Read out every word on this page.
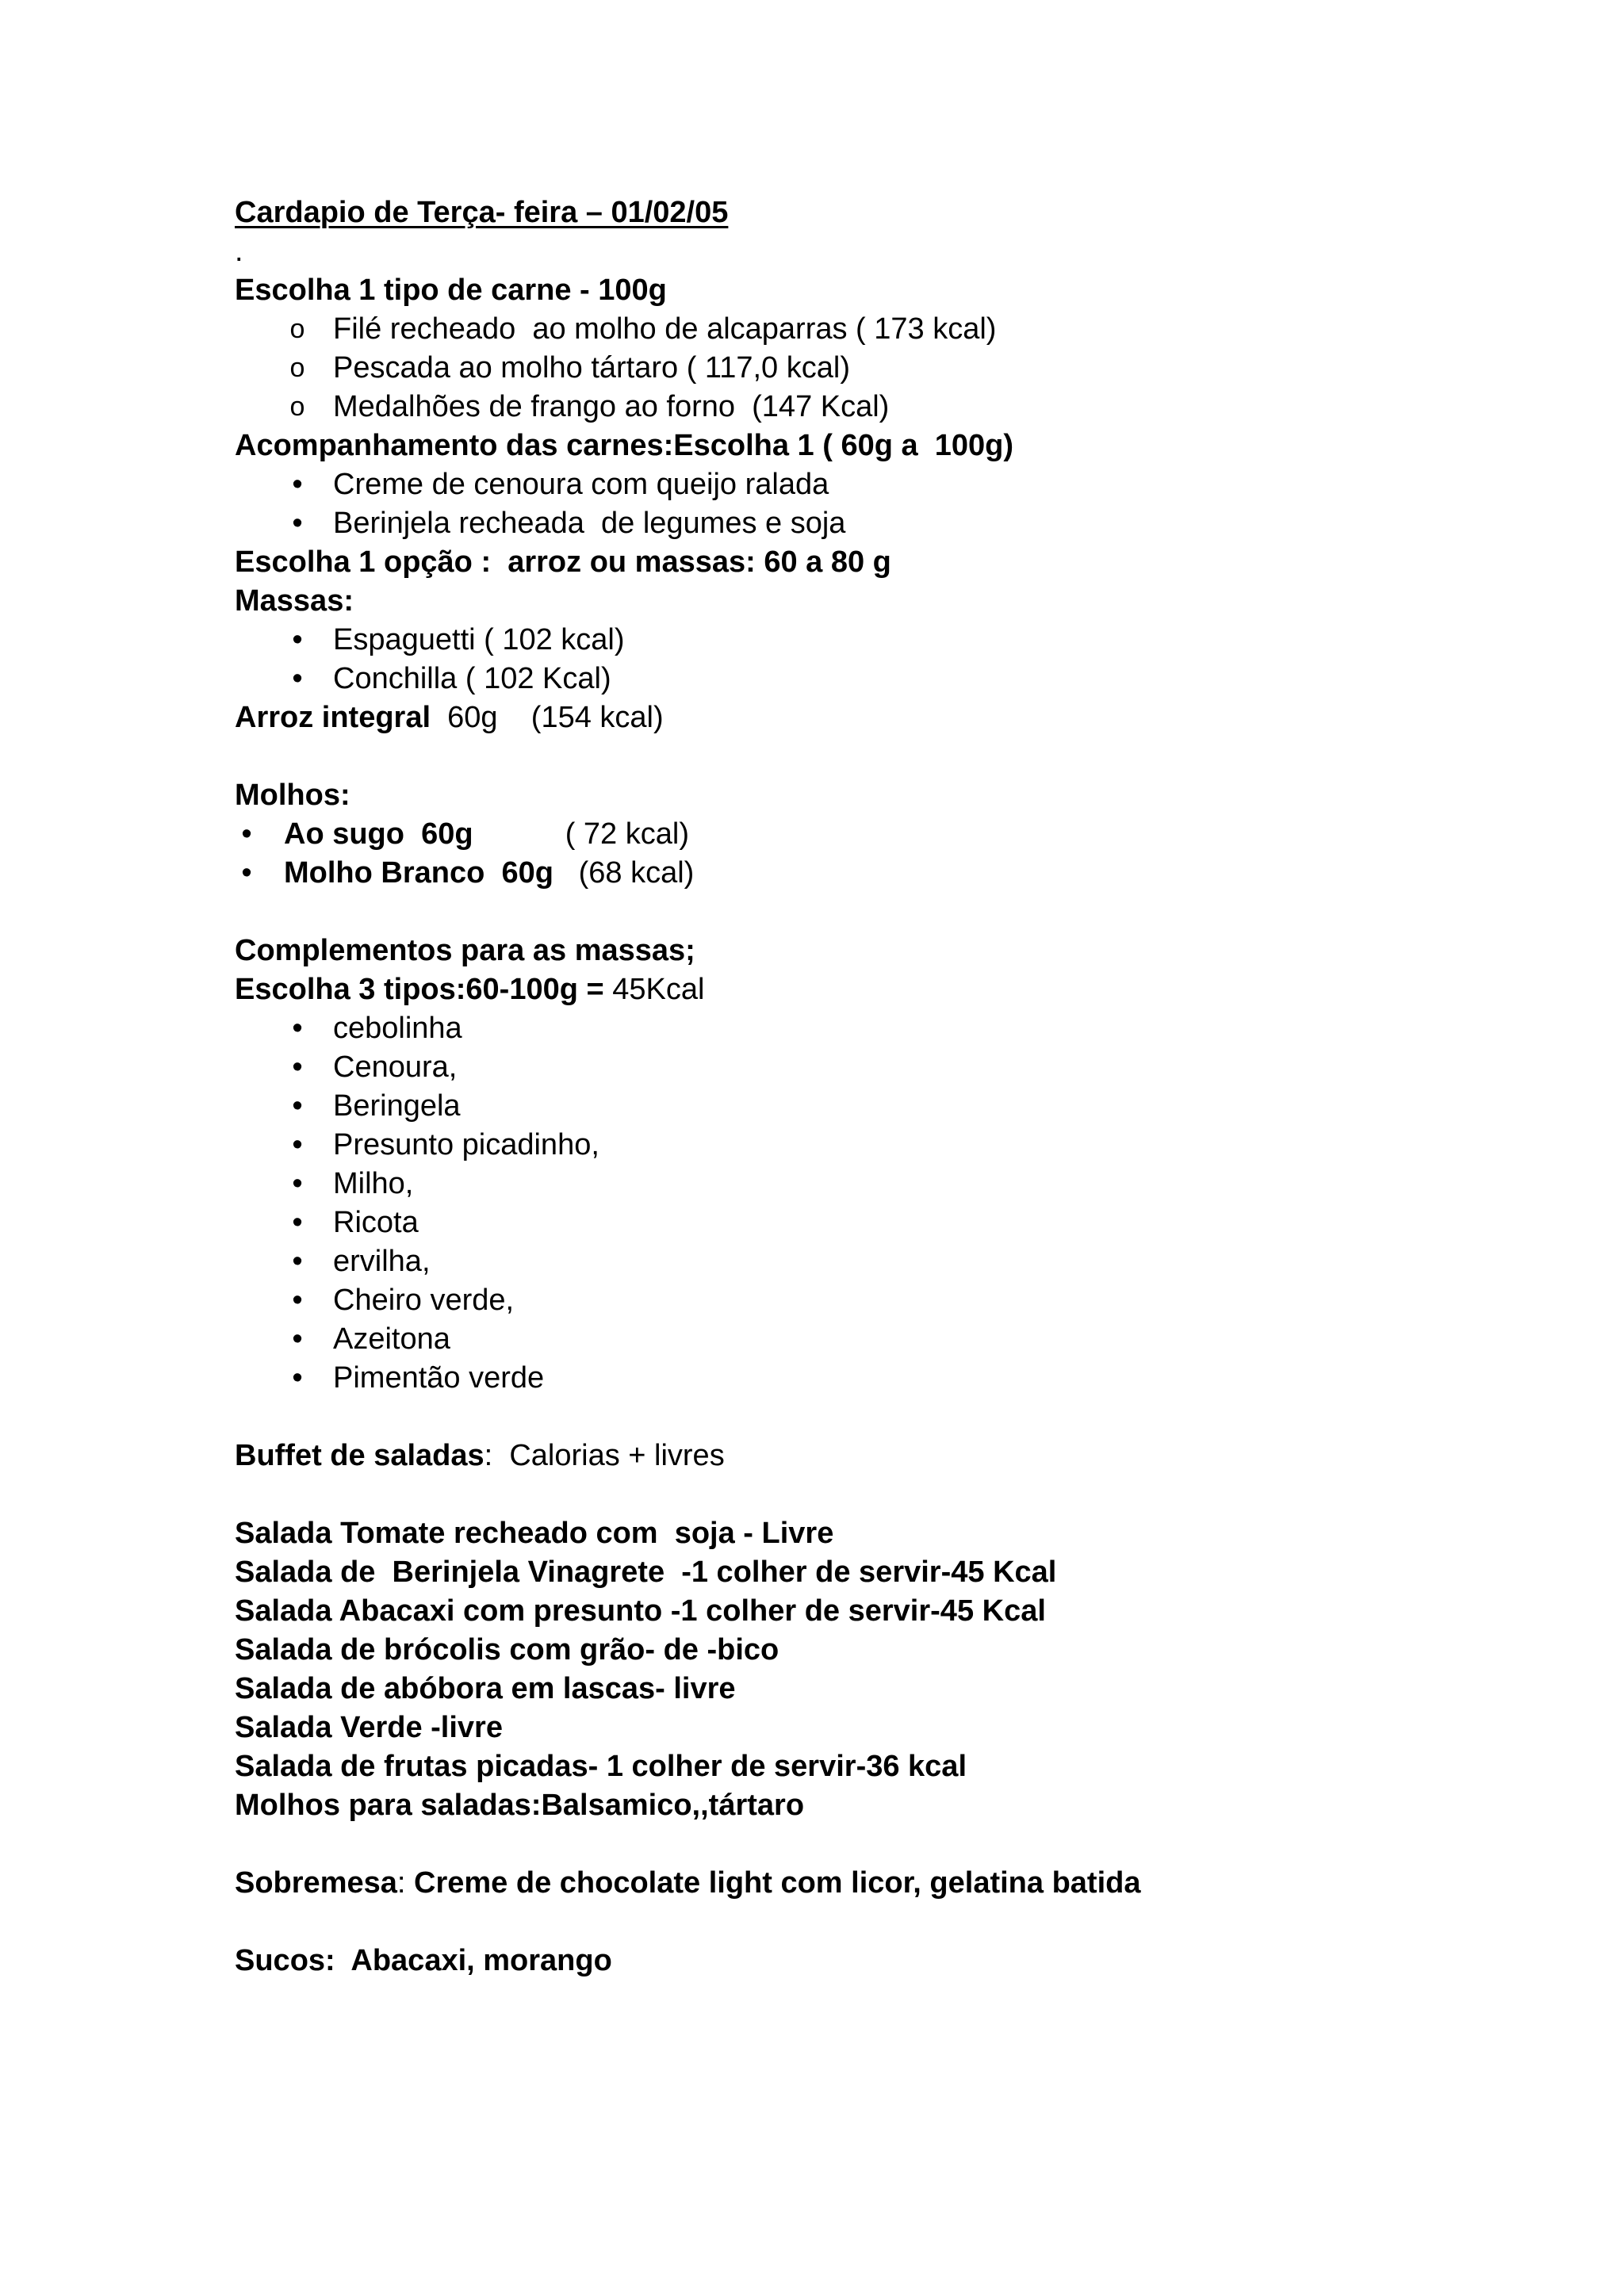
Cardapio de Terça- feira – 01/02/05
.
Escolha 1 tipo de carne - 100g
o Filé recheado  ao molho de alcaparras ( 173 kcal)
o Pescada ao molho tártaro ( 117,0 kcal)
o Medalhões de frango ao forno  (147 Kcal)
Acompanhamento das carnes:Escolha 1 ( 60g a  100g)
• Creme de cenoura com queijo ralada
• Berinjela recheada  de legumes e soja
Escolha 1 opção :  arroz ou massas: 60 a 80 g
Massas:
• Espaguetti ( 102 kcal)
• Conchilla ( 102 Kcal)
Arroz integral  60g    (154 kcal)
Molhos:
• Ao sugo  60g           ( 72 kcal)
• Molho Branco  60g   (68 kcal)
Complementos para as massas;
Escolha 3 tipos:60-100g = 45Kcal
• cebolinha
• Cenoura,
• Beringela
• Presunto picadinho,
• Milho,
• Ricota
• ervilha,
• Cheiro verde,
• Azeitona
• Pimentão verde
Buffet de saladas:  Calorias + livres
Salada Tomate recheado com  soja - Livre
Salada de  Berinjela Vinagrete  -1 colher de servir-45 Kcal
Salada Abacaxi com presunto -1 colher de servir-45 Kcal
Salada de brócolis com grão- de -bico
Salada de abóbora em lascas- livre
Salada Verde -livre
Salada de frutas picadas- 1 colher de servir-36 kcal
Molhos para saladas:Balsamico,,tártaro
Sobremesa: Creme de chocolate light com licor, gelatina batida
Sucos:  Abacaxi, morango
